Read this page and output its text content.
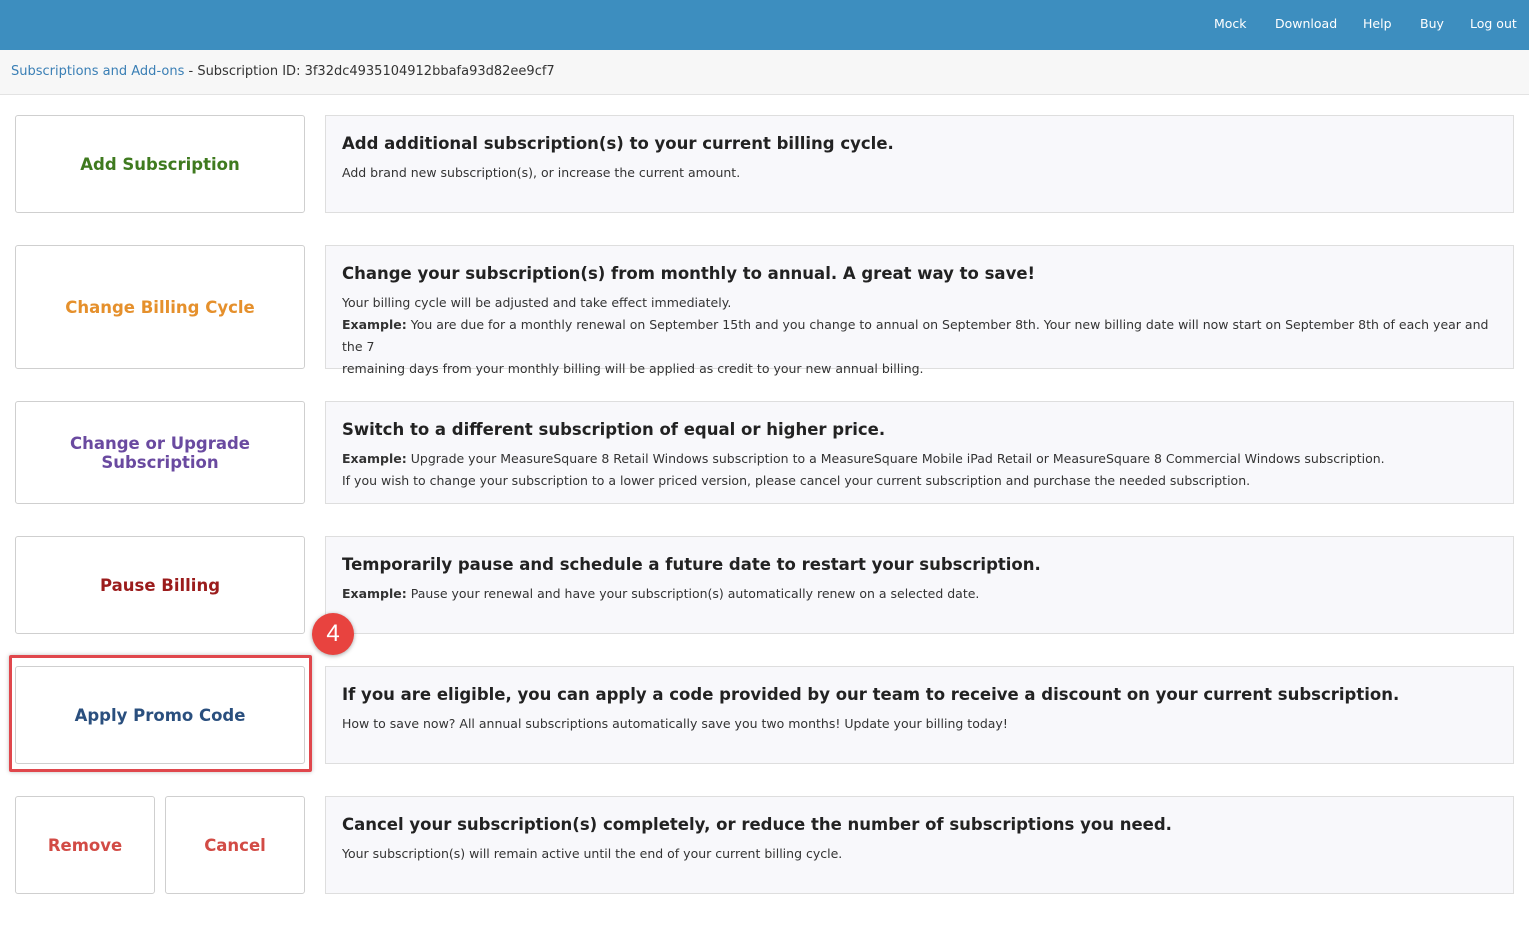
Mock Download Help Buy Log out
Subscriptions and Add-ons - Subscription ID: 3f32dc4935104912bbafa93d82ee9cf7
Add Subscription
Add additional subscription(s) to your current billing cycle.
Add brand new subscription(s), or increase the current amount.
Change Billing Cycle
Change your subscription(s) from monthly to annual. A great way to save!
Your billing cycle will be adjusted and take effect immediately.
Example: You are due for a monthly renewal on September 15th and you change to annual on September 8th. Your new billing date will now start on September 8th of each year and the 7
remaining days from your monthly billing will be applied as credit to your new annual billing.
Change or Upgrade Subscription
Switch to a different subscription of equal or higher price.
Example: Upgrade your MeasureSquare 8 Retail Windows subscription to a MeasureSquare Mobile iPad Retail or MeasureSquare 8 Commercial Windows subscription.
If you wish to change your subscription to a lower priced version, please cancel your current subscription and purchase the needed subscription.
Pause Billing
Temporarily pause and schedule a future date to restart your subscription.
Example: Pause your renewal and have your subscription(s) automatically renew on a selected date.
Apply Promo Code
If you are eligible, you can apply a code provided by our team to receive a discount on your current subscription.
How to save now? All annual subscriptions automatically save you two months! Update your billing today!
4
Remove	Cancel
Cancel your subscription(s) completely, or reduce the number of subscriptions you need.
Your subscription(s) will remain active until the end of your current billing cycle.
